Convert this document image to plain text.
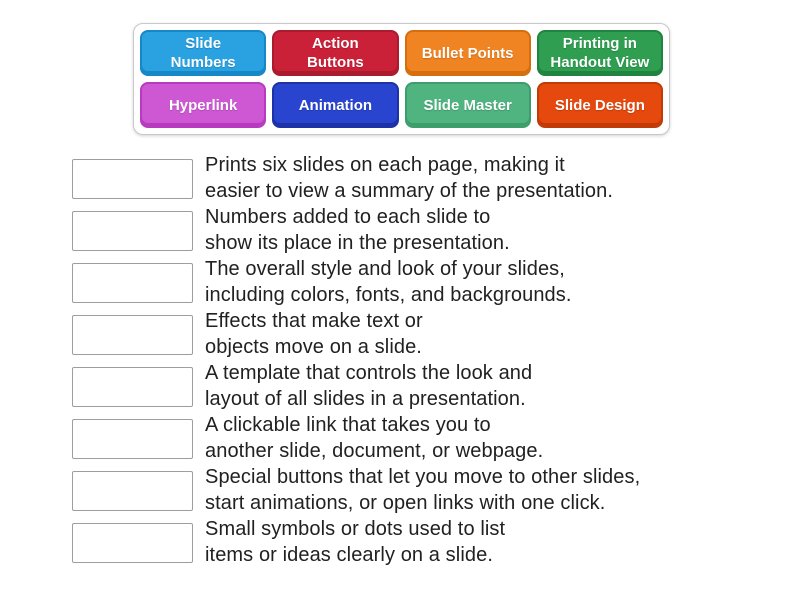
Slide Numbers
Action Buttons
Bullet Points
Printing in Handout View
Hyperlink	Animation	Slide Master	Slide Design
Prints six slides on each page, making it
easier to view a summary of the presentation.
Numbers added to each slide to
show its place in the presentation.
The overall style and look of your slides,
including colors, fonts, and backgrounds.
Effects that make text or
objects move on a slide.
A template that controls the look and
layout of all slides in a presentation.
A clickable link that takes you to
another slide, document, or webpage.
Special buttons that let you move to other slides,
start animations, or open links with one click.
Small symbols or dots used to list
items or ideas clearly on a slide.
